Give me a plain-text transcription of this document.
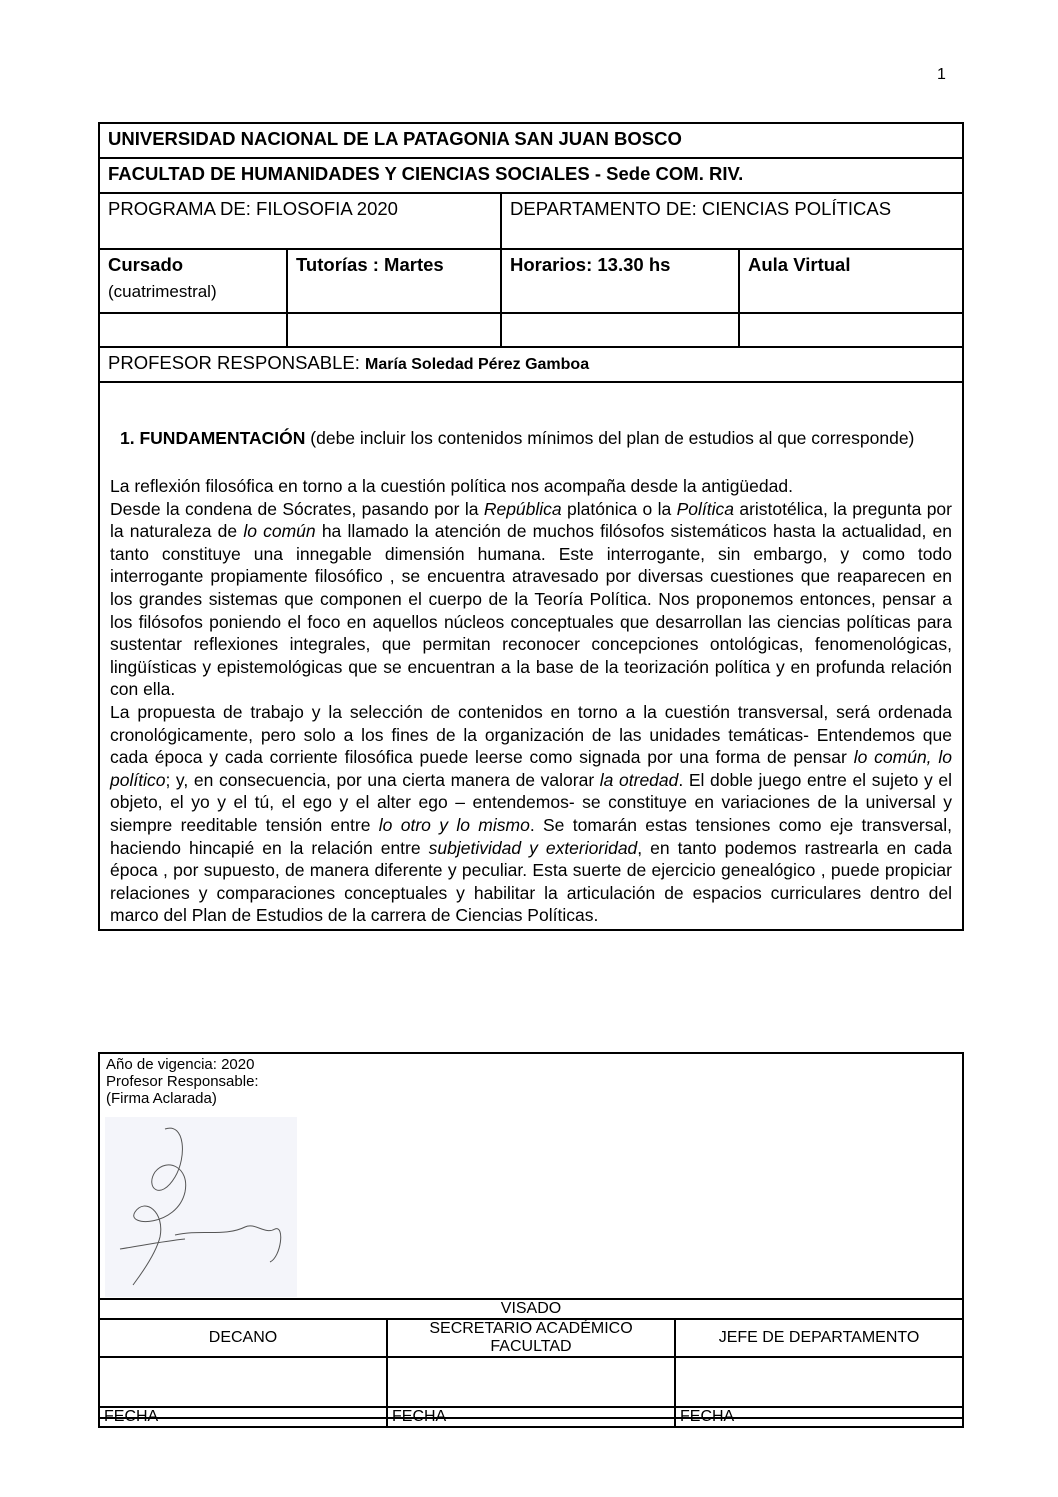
1
UNIVERSIDAD NACIONAL DE LA PATAGONIA SAN JUAN BOSCO			
FACULTAD DE HUMANIDADES Y CIENCIAS SOCIALES - Sede COM. RIV.			
PROGRAMA DE: FILOSOFIA 2020		DEPARTAMENTO DE: CIENCIAS POLÍTICAS	

Cursado
(cuatrimestral)	Tutorías : Martes	Horarios: 13.30 hs	Aula Virtual

PROFESOR RESPONSABLE: María Soledad Pérez Gamboa			

1. FUNDAMENTACIÓN (debe incluir los contenidos mínimos del plan de estudios al que corresponde)

La reflexión filosófica en torno a la cuestión política nos acompaña desde la antigüedad.
Desde la condena de Sócrates, pasando por la República platónica o la Política aristotélica, la pregunta por la naturaleza de lo común ha llamado la atención de muchos filósofos sistemáticos hasta la actualidad, en tanto constituye una innegable dimensión humana. Este interrogante, sin embargo, y como todo interrogante propiamente filosófico , se encuentra atravesado por diversas cuestiones que reaparecen en los grandes sistemas que componen el cuerpo de la Teoría Política. Nos proponemos entonces, pensar a los filósofos poniendo el foco en aquellos núcleos conceptuales que desarrollan las ciencias políticas para sustentar reflexiones integrales, que permitan reconocer concepciones ontológicas, fenomenológicas, lingüísticas y epistemológicas que se encuentran a la base de la teorización política y en profunda relación con ella.
La propuesta de trabajo y la selección de contenidos en torno a la cuestión transversal, será ordenada cronológicamente, pero solo a los fines de la organización de las unidades temáticas- Entendemos que cada época y cada corriente filosófica puede leerse como signada por una forma de pensar lo común, lo político; y, en consecuencia, por una cierta manera de valorar la otredad. El doble juego entre el sujeto y el objeto, el yo y el tú, el ego y el alter ego – entendemos- se constituye en variaciones de la universal y siempre reeditable tensión entre lo otro y lo mismo. Se tomarán estas tensiones como eje transversal, haciendo hincapié en la relación entre subjetividad y exterioridad, en tanto podemos rastrearla en cada época , por supuesto, de manera diferente y peculiar. Esta suerte de ejercicio genealógico , puede propiciar relaciones y comparaciones conceptuales y habilitar la articulación de espacios curriculares dentro del marco del Plan de Estudios de la carrera de Ciencias Políticas.			

Año de vigencia: 2020
Profesor Responsable:
(Firma Aclarada)
VISADO		
DECANO	SECRETARIO ACADÉMICO FACULTAD	JEFE DE DEPARTAMENTO

FECHA	FECHA	FECHA
